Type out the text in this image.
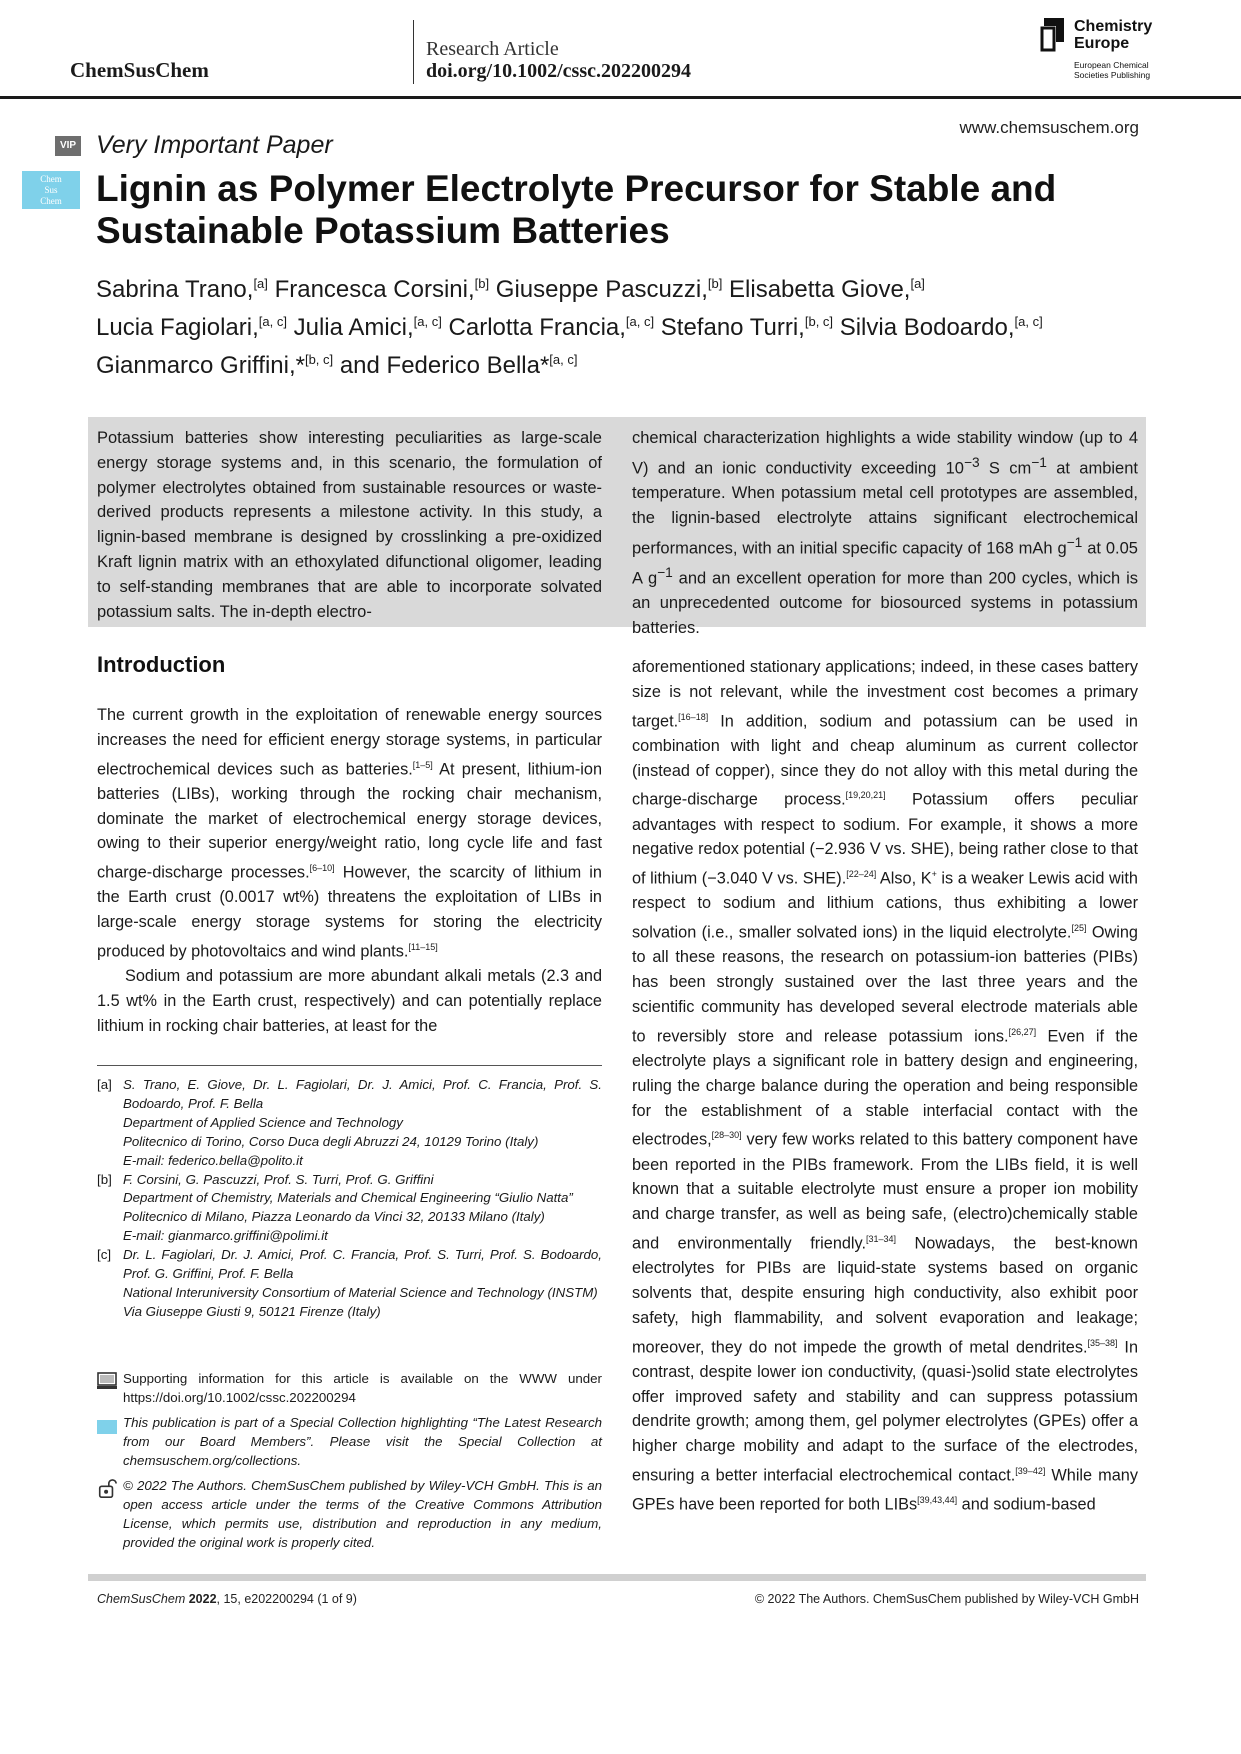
ChemSusChem
Research Article
doi.org/10.1002/cssc.202200294
Chemistry
Europe
European Chemical
Societies Publishing
www.chemsuschem.org
VIP Very Important Paper
Chem
Sus
Chem Lignin as Polymer Electrolyte Precursor for Stable and Sustainable Potassium Batteries

Sabrina Trano,[a] Francesca Corsini,[b] Giuseppe Pascuzzi,[b] Elisabetta Giove,[a]
Lucia Fagiolari,[a, c] Julia Amici,[a, c] Carlotta Francia,[a, c] Stefano Turri,[b, c] Silvia Bodoardo,[a, c]
Gianmarco Griffini,*[b, c] and Federico Bella*[a, c]

Potassium batteries show interesting peculiarities as large-scale energy storage systems and, in this scenario, the formulation of polymer electrolytes obtained from sustainable resources or waste-derived products represents a milestone activity. In this study, a lignin-based membrane is designed by crosslinking a pre-oxidized Kraft lignin matrix with an ethoxylated difunctional oligomer, leading to self-standing membranes that are able to incorporate solvated potassium salts. The in-depth electro-

chemical characterization highlights a wide stability window (up to 4 V) and an ionic conductivity exceeding $10^{-3}$ S $cm^{-1}$ at ambient temperature. When potassium metal cell prototypes are assembled, the lignin-based electrolyte attains significant electrochemical performances, with an initial specific capacity of 168 mAh $g^{-1}$ at 0.05 A $g^{-1}$ and an excellent operation for more than 200 cycles, which is an unprecedented outcome for biosourced systems in potassium batteries.

Introduction

The current growth in the exploitation of renewable energy sources increases the need for efficient energy storage systems, in particular electrochemical devices such as batteries.[1–5] At present, lithium-ion batteries (LIBs), working through the rocking chair mechanism, dominate the market of electrochemical energy storage devices, owing to their superior energy/weight ratio, long cycle life and fast charge-discharge processes.[6–10] However, the scarcity of lithium in the Earth crust (0.0017 wt%) threatens the exploitation of LIBs in large-scale energy storage systems for storing the electricity produced by photovoltaics and wind plants.[11–15]

Sodium and potassium are more abundant alkali metals (2.3 and 1.5 wt% in the Earth crust, respectively) and can potentially replace lithium in rocking chair batteries, at least for the

aforementioned stationary applications; indeed, in these cases battery size is not relevant, while the investment cost becomes a primary target.[16–18] In addition, sodium and potassium can be used in combination with light and cheap aluminum as current collector (instead of copper), since they do not alloy with this metal during the charge-discharge process.[19,20,21] Potassium offers peculiar advantages with respect to sodium. For example, it shows a more negative redox potential (−2.936 V vs. SHE), being rather close to that of lithium (−3.040 V vs. SHE).[22–24] Also, K+ is a weaker Lewis acid with respect to sodium and lithium cations, thus exhibiting a lower solvation (i.e., smaller solvated ions) in the liquid electrolyte.[25] Owing to all these reasons, the research on potassium-ion batteries (PIBs) has been strongly sustained over the last three years and the scientific community has developed several electrode materials able to reversibly store and release potassium ions.[26,27] Even if the electrolyte plays a significant role in battery design and engineering, ruling the charge balance during the operation and being responsible for the establishment of a stable interfacial contact with the electrodes,[28–30] very few works related to this battery component have been reported in the PIBs framework. From the LIBs field, it is well known that a suitable electrolyte must ensure a proper ion mobility and charge transfer, as well as being safe, (electro)chemically stable and environmentally friendly.[31–34] Nowadays, the best-known electrolytes for PIBs are liquid-state systems based on organic solvents that, despite ensuring high conductivity, also exhibit poor safety, high flammability, and solvent evaporation and leakage; moreover, they do not impede the growth of metal dendrites.[35–38] In contrast, despite lower ion conductivity, (quasi-)solid state electrolytes offer improved safety and stability and can suppress potassium dendrite growth; among them, gel polymer electrolytes (GPEs) offer a higher charge mobility and adapt to the surface of the electrodes, ensuring a better interfacial electrochemical contact.[39–42] While many GPEs have been reported for both LIBs[39,43,44] and sodium-based

[a] S. Trano, E. Giove, Dr. L. Fagiolari, Dr. J. Amici, Prof. C. Francia, Prof. S. Bodoardo, Prof. F. Bella
Department of Applied Science and Technology
Politecnico di Torino, Corso Duca degli Abruzzi 24, 10129 Torino (Italy)
E-mail: federico.bella@polito.it
[b] F. Corsini, G. Pascuzzi, Prof. S. Turri, Prof. G. Griffini
Department of Chemistry, Materials and Chemical Engineering “Giulio Natta”
Politecnico di Milano, Piazza Leonardo da Vinci 32, 20133 Milano (Italy)
E-mail: gianmarco.griffini@polimi.it
[c] Dr. L. Fagiolari, Dr. J. Amici, Prof. C. Francia, Prof. S. Turri, Prof. S. Bodoardo, Prof. G. Griffini, Prof. F. Bella
National Interuniversity Consortium of Material Science and Technology (INSTM)
Via Giuseppe Giusti 9, 50121 Firenze (Italy)
Supporting information for this article is available on the WWW under https://doi.org/10.1002/cssc.202200294
This publication is part of a Special Collection highlighting “The Latest Research from our Board Members”. Please visit the Special Collection at chemsuschem.org/collections.
© 2022 The Authors. ChemSusChem published by Wiley-VCH GmbH. This is an open access article under the terms of the Creative Commons Attribution License, which permits use, distribution and reproduction in any medium, provided the original work is properly cited.
ChemSusChem 2022, 15, e202200294 (1 of 9)	© 2022 The Authors. ChemSusChem published by Wiley-VCH GmbH
